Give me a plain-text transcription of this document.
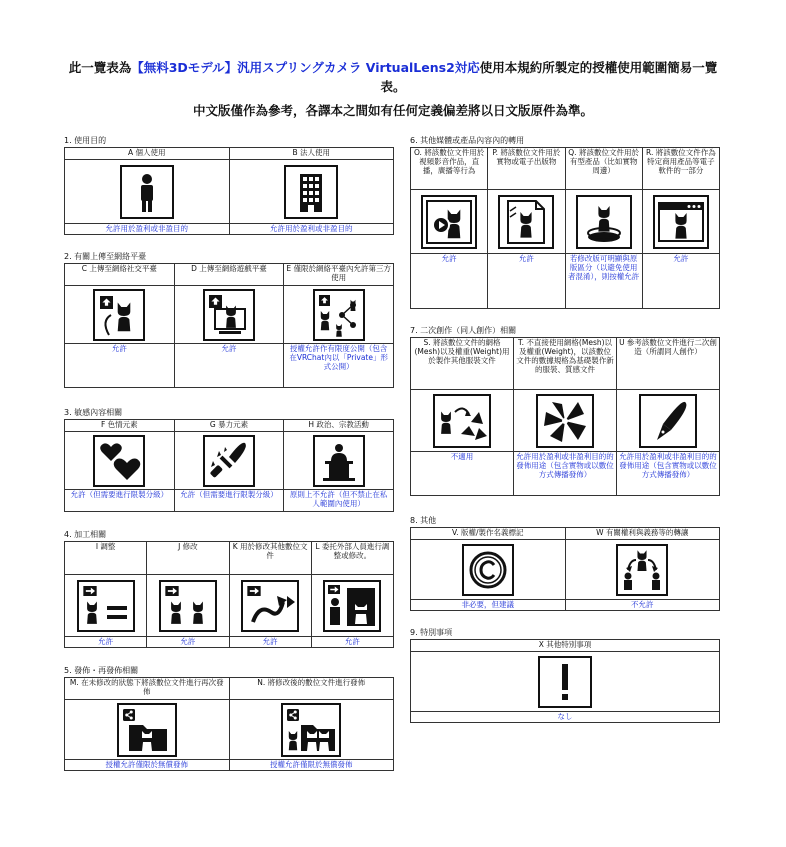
此一覽表為【無料3Dモデル】汎用スプリングカメラ VirtualLens2対応使用本規約所製定的授權使用範圍簡易一覽表。
中文版僅作為參考，各譯本之間如有任何定義偏差將以日文版原件為準。
1. 使用目的
A 個人使用	B 法人使用

允許用於盈利或非盈目的	允許用於盈利或非盈目的
2. 有關上傳至網絡平臺
C 上傳至網絡社交平臺	D 上傳至網絡遊戲平臺	E 僅限於網絡平臺內允許第三方使用

允許	允許	授權允許作有限度公開（包含在VRChat內以「Private」形式公開）
3. 敏感內容相關
F 色情元素	G 暴力元素	H 政治、宗教活動

允許（但需要進行限製分級）	允許（但需要進行限製分級）	原則上不允許（但不禁止在私人範圍內使用）
4. 加工相關
I 調整	J 修改	K 用於修改其他數位文件	L 委托外部人員進行調整或修改。

允許	允許	允許	允許
5. 發佈・再發佈相關
M. 在未修改的狀態下將該數位文件進行再次發佈	N. 將修改後的數位文件進行發佈

授權允許僅限於無償發佈	授權允許僅限於無償發佈
6. 其他媒體或產品內容內的轉用
O. 將該數位文件用於視頻影音作品，直播，廣播等行為	P. 將該數位文件用於實物或電子出版物	Q. 將該數位文件用於有型產品（比如實物周邊）	R. 將該數位文件作為特定商用產品等電子軟件的一部分

允許	允許	若修改版可明顯與原版區分（以避免使用者混淆），則按權允許	允許
7. 二次創作（同人創作）相關
S. 將該數位文件的網格(Mesh)以及權重(Weight)用於製作其他服裝文件	T. 不直接使用網格(Mesh)以及權重(Weight)，以該數位文件的數據規格為基礎製作新的服裝、質感文件	U 參考該數位文件進行二次創造（所謂同人創作）

不適用	允許用於盈利或非盈利目的的發佈用途（包含實物或以數位方式傳播發佈）	允許用於盈利或非盈利目的的發佈用途（包含實物或以數位方式傳播發佈）
8. 其他
V. 版權/製作名義標記	W 有關權利與義務等的轉讓

非必要，但建議	不允許
9. 特別事項
X 其他特別事項

なし
